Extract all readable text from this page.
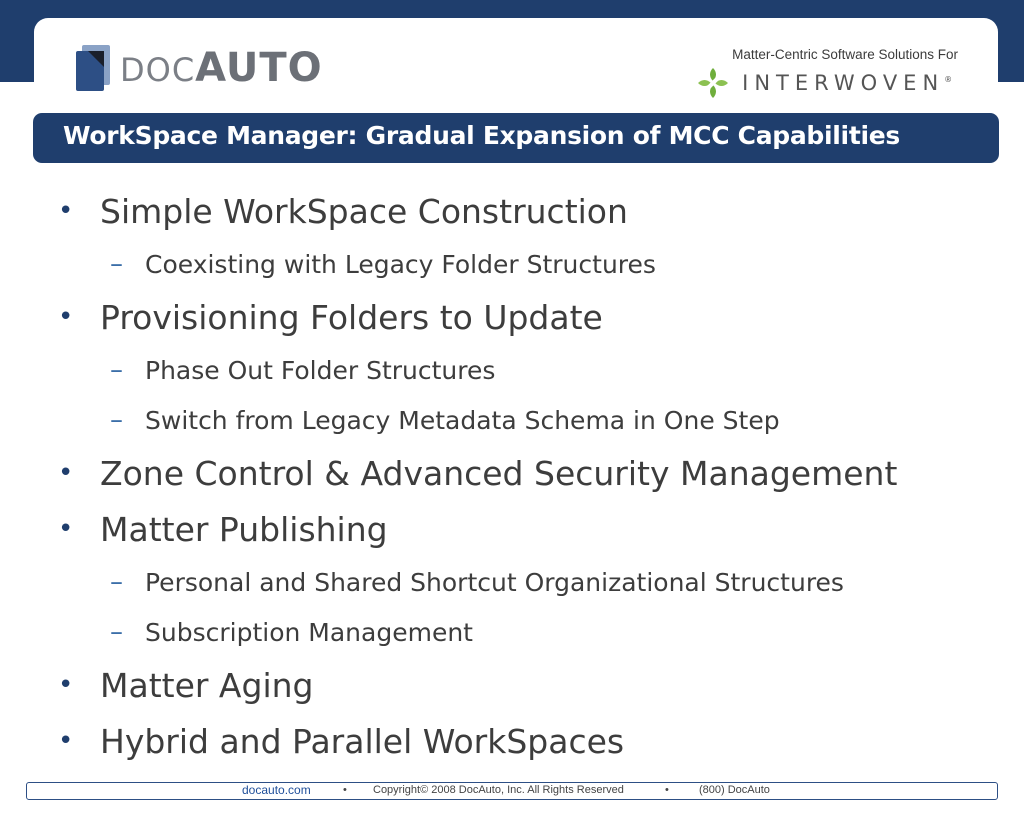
DOCAUTO	Matter-Centric Software Solutions For
INTERWOVEN®
WorkSpace Manager: Gradual Expansion of MCC Capabilities
• Simple WorkSpace Construction
– Coexisting with Legacy Folder Structures
• Provisioning Folders to Update
– Phase Out Folder Structures
– Switch from Legacy Metadata Schema in One Step
• Zone Control & Advanced Security Management
• Matter Publishing
– Personal and Shared Shortcut Organizational Structures
– Subscription Management
• Matter Aging
• Hybrid and Parallel WorkSpaces
docauto.com	• Copyright© 2008 DocAuto, Inc. All Rights Reserved	•	(800) DocAuto
